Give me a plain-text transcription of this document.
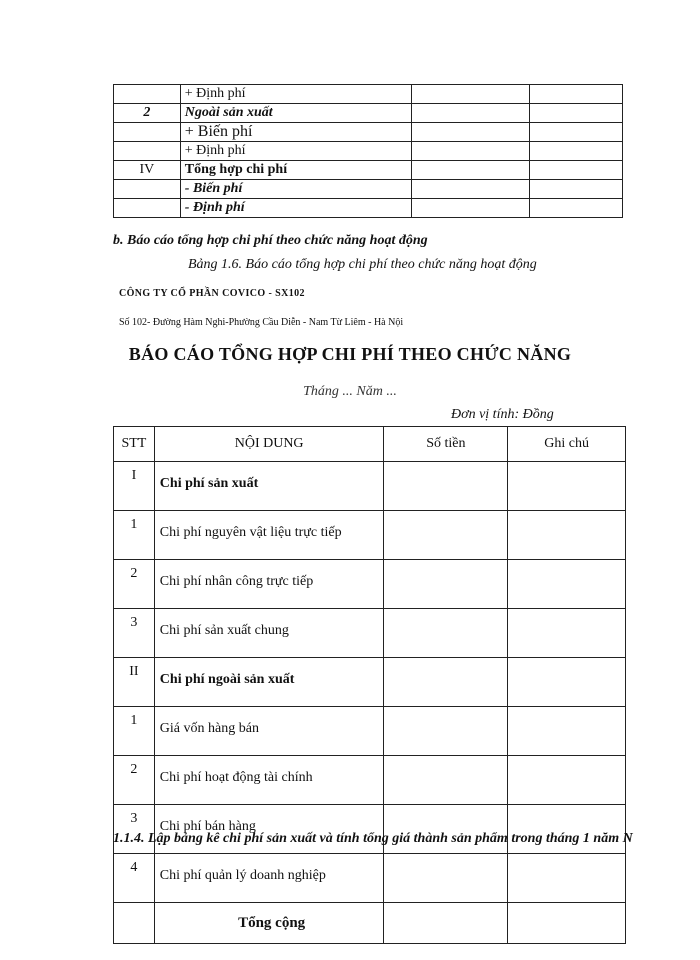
	+ Định phí		
2	Ngoài sản xuất		
	+ Biến phí		
	+ Định phí		
IV	Tổng hợp chi phí		
	- Biến phí		
	- Định phí		
b. Báo cáo tổng hợp chi phí theo chức năng hoạt động
Bảng 1.6. Báo cáo tổng hợp chi phí theo chức năng hoạt động
CÔNG TY CỔ PHẦN COVICO - SX102
Số 102- Đường Hàm Nghi-Phường Cầu Diễn - Nam Từ Liêm - Hà Nội
BÁO CÁO TỔNG HỢP CHI PHÍ THEO CHỨC NĂNG
Tháng ... Năm ...
Đơn vị tính: Đồng
STT	NỘI DUNG	Số tiền	Ghi chú
I	Chi phí sản xuất		
1	Chi phí nguyên vật liệu trực tiếp		
2	Chi phí nhân công trực tiếp		
3	Chi phí sản xuất chung		
II	Chi phí ngoài sản xuất		
1	Giá vốn hàng bán		
2	Chi phí hoạt động tài chính		
3	Chi phí bán hàng		
4	Chi phí quản lý doanh nghiệp		
	Tổng cộng		
1.1.4. Lập bảng kê chi phí sản xuất và tính tổng giá thành sản phẩm trong tháng 1 năm N
